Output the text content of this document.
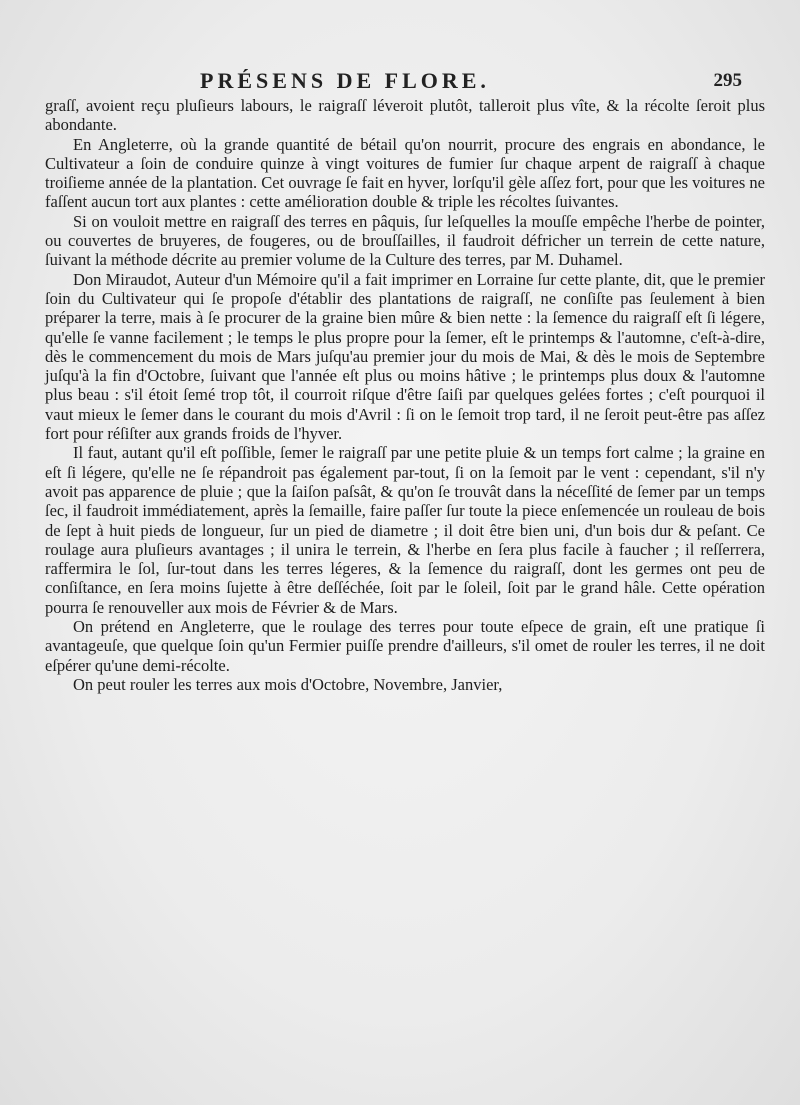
PRÉSENS DE FLORE.	295

graſſ, avoient reçu pluſieurs labours, le raigraſſ léveroit plutôt, talleroit plus vîte, & la récolte ſeroit plus abondante.

En Angleterre, où la grande quantité de bétail qu'on nourrit, procure des engrais en abondance, le Cultivateur a ſoin de conduire quinze à vingt voitures de fumier ſur chaque arpent de raigraſſ à chaque troiſieme année de la plantation. Cet ouvrage ſe fait en hyver, lorſqu'il gèle aſſez fort, pour que les voitures ne faſſent aucun tort aux plantes : cette amélioration double & triple les récoltes ſuivantes.

Si on vouloit mettre en raigraſſ des terres en pâquis, ſur leſquelles la mouſſe empêche l'herbe de pointer, ou couvertes de bruyeres, de fougeres, ou de brouſſailles, il faudroit défricher un terrein de cette nature, ſuivant la méthode décrite au premier volume de la Culture des terres, par M. Duhamel.

Don Miraudot, Auteur d'un Mémoire qu'il a fait imprimer en Lorraine ſur cette plante, dit, que le premier ſoin du Cultivateur qui ſe propoſe d'établir des plantations de raigraſſ, ne conſiſte pas ſeulement à bien préparer la terre, mais à ſe procurer de la graine bien mûre & bien nette : la ſemence du raigraſſ eſt ſi légere, qu'elle ſe vanne facilement ; le temps le plus propre pour la ſemer, eſt le printemps & l'automne, c'eſt-à-dire, dès le commencement du mois de Mars juſqu'au premier jour du mois de Mai, & dès le mois de Septembre juſqu'à la fin d'Octobre, ſuivant que l'année eſt plus ou moins hâtive ; le printemps plus doux & l'automne plus beau : s'il étoit ſemé trop tôt, il courroit riſque d'être ſaiſi par quelques gelées fortes ; c'eſt pourquoi il vaut mieux le ſemer dans le courant du mois d'Avril : ſi on le ſemoit trop tard, il ne ſeroit peut-être pas aſſez fort pour réſiſter aux grands froids de l'hyver.

Il faut, autant qu'il eſt poſſible, ſemer le raigraſſ par une petite pluie & un temps fort calme ; la graine en eſt ſi légere, qu'elle ne ſe répandroit pas également par-tout, ſi on la ſemoit par le vent : cependant, s'il n'y avoit pas apparence de pluie ; que la ſaiſon paſsât, & qu'on ſe trouvât dans la néceſſité de ſemer par un temps ſec, il faudroit immédiatement, après la ſemaille, faire paſſer ſur toute la piece enſemencée un rouleau de bois de ſept à huit pieds de longueur, ſur un pied de diametre ; il doit être bien uni, d'un bois dur & peſant. Ce roulage aura pluſieurs avantages ; il unira le terrein, & l'herbe en ſera plus facile à faucher ; il reſſerrera, raffermira le ſol, ſur-tout dans les terres légeres, & la ſemence du raigraſſ, dont les germes ont peu de conſiſtance, en ſera moins ſujette à être deſſéchée, ſoit par le ſoleil, ſoit par le grand hâle. Cette opération pourra ſe renouveller aux mois de Février & de Mars.

On prétend en Angleterre, que le roulage des terres pour toute eſpece de grain, eſt une pratique ſi avantageuſe, que quelque ſoin qu'un Fermier puiſſe prendre d'ailleurs, s'il omet de rouler les terres, il ne doit eſpérer qu'une demi-récolte.

On peut rouler les terres aux mois d'Octobre, Novembre, Janvier,
